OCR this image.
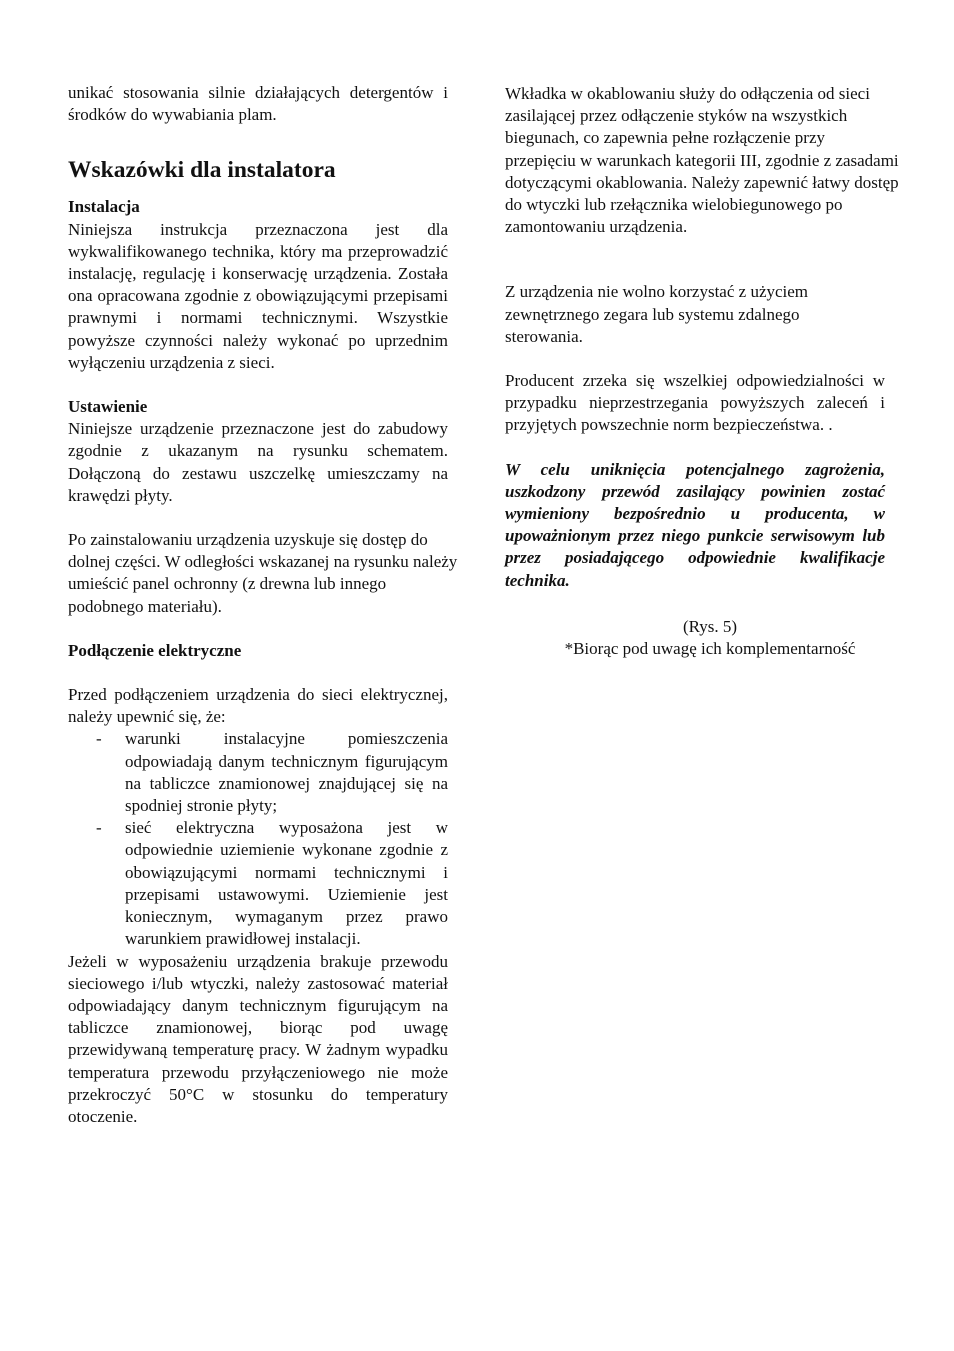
unikać stosowania silnie działających detergentów i środków do wywabiania plam.

Wskazówki dla instalatora

Instalacja

Niniejsza instrukcja przeznaczona jest dla wykwalifikowanego technika, który ma przeprowadzić instalację, regulację i konserwację urządzenia. Została ona opracowana zgodnie z obowiązującymi przepisami prawnymi i normami technicznymi. Wszystkie powyższe czynności należy wykonać po uprzednim wyłączeniu urządzenia z sieci.

Ustawienie

Niniejsze urządzenie przeznaczone jest do zabudowy zgodnie z ukazanym na rysunku schematem. Dołączoną do zestawu uszczelkę umieszczamy na krawędzi płyty.

Po zainstalowaniu urządzenia uzyskuje się dostęp do dolnej części. W odległości wskazanej na rysunku należy umieścić panel ochronny (z drewna lub innego podobnego materiału).

Podłączenie elektryczne

Przed podłączeniem urządzenia do sieci elektrycznej, należy upewnić się, że:

- warunki instalacyjne pomieszczenia odpowiadają danym technicznym figurującym na tabliczce znamionowej znajdującej się na spodniej stronie płyty;
- sieć elektryczna wyposażona jest w odpowiednie uziemienie wykonane zgodnie z obowiązującymi normami technicznymi i przepisami ustawowymi. Uziemienie jest koniecznym, wymaganym przez prawo warunkiem prawidłowej instalacji.

Jeżeli w wyposażeniu urządzenia brakuje przewodu sieciowego i/lub wtyczki, należy zastosować materiał odpowiadający danym technicznym figurującym na tabliczce znamionowej, biorąc pod uwagę przewidywaną temperaturę pracy. W żadnym wypadku temperatura przewodu przyłączeniowego nie może przekroczyć 50°C w stosunku do temperatury otoczenie.

Wkładka w okablowaniu służy do odłączenia od sieci zasilającej przez odłączenie styków na wszystkich biegunach, co zapewnia pełne rozłączenie przy przepięciu w warunkach kategorii III, zgodnie z zasadami dotyczącymi okablowania. Należy zapewnić łatwy dostęp do wtyczki lub rzełącznika wielobiegunowego po zamontowaniu urządzenia.

Z urządzenia nie wolno korzystać z użyciem zewnętrznego zegara lub systemu zdalnego sterowania.

Producent zrzeka się wszelkiej odpowiedzialności w przypadku nieprzestrzegania powyższych zaleceń i przyjętych powszechnie norm bezpieczeństwa. .

W celu uniknięcia potencjalnego zagrożenia, uszkodzony przewód zasilający powinien zostać wymieniony bezpośrednio u producenta, w upoważnionym przez niego punkcie serwisowym lub przez posiadającego odpowiednie kwalifikacje technika.

(Rys. 5)

*Biorąc pod uwagę ich komplementarność
